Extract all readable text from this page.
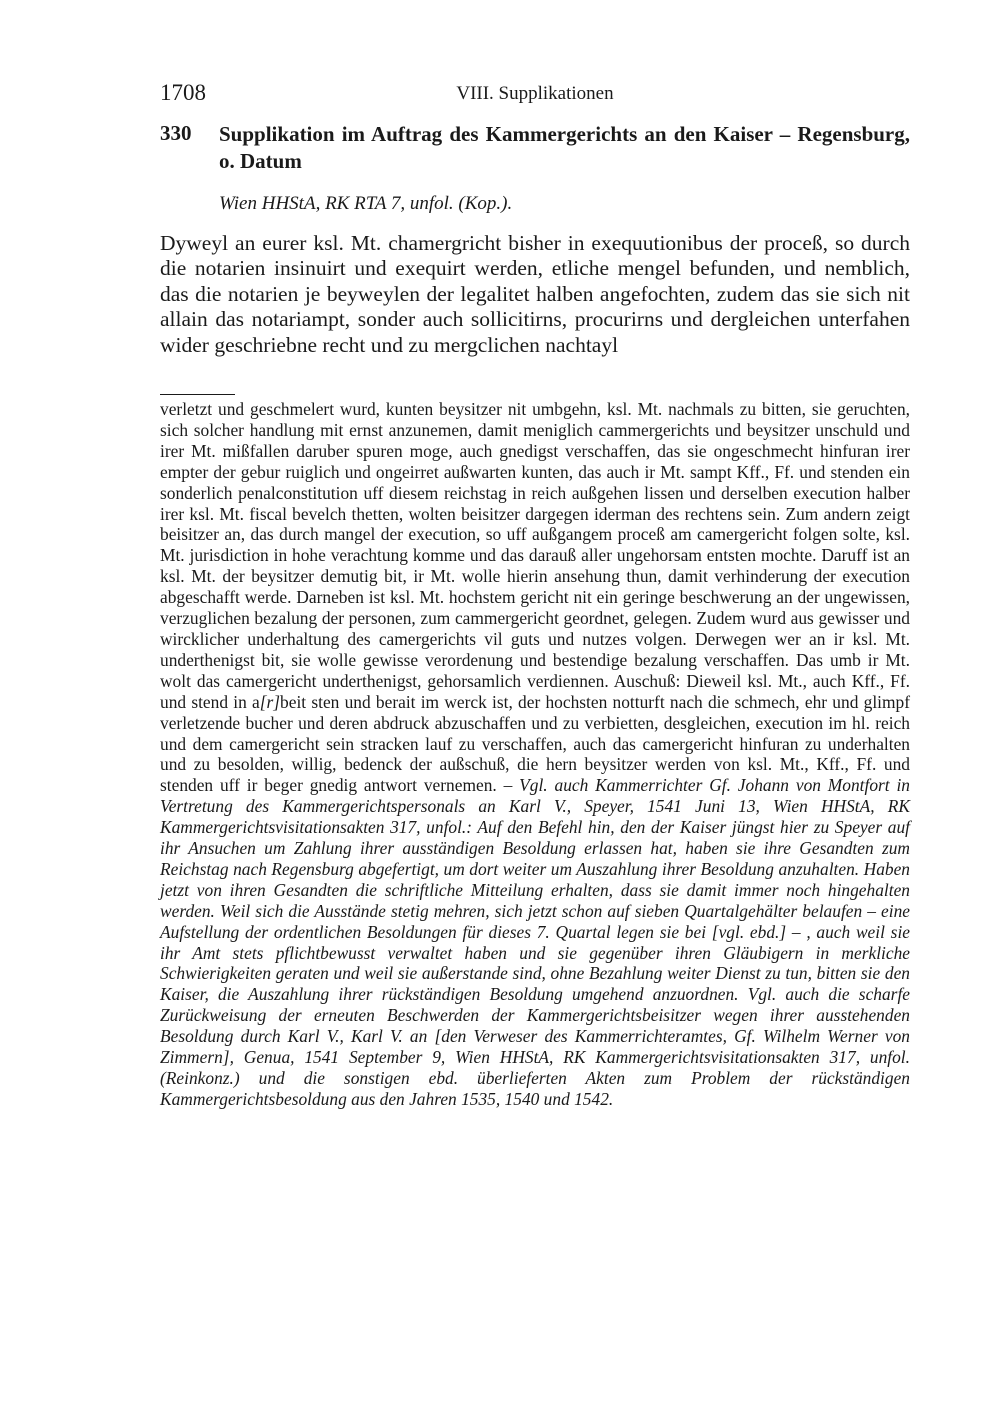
1708	VIII. Supplikationen
330 Supplikation im Auftrag des Kammergerichts an den Kaiser – Regensburg, o. Datum
Wien HHStA, RK RTA 7, unfol. (Kop.).

Dyweyl an eurer ksl. Mt. chamergricht bisher in exequutionibus der proceß, so durch die notarien insinuirt und exequirt werden, etliche mengel befunden, und nemblich, das die notarien je beyweylen der legalitet halben angefochten, zudem das sie sich nit allain das notariampt, sonder auch sollicitirns, procurirns und dergleichen unterfahen wider geschriebne recht und zu mergclichen nachtayl

verletzt und geschmelert wurd, kunten beysitzer nit umbgehn, ksl. Mt. nachmals zu bitten, sie geruchten, sich solcher handlung mit ernst anzunemen, damit meniglich cammergerichts und beysitzer unschuld und irer Mt. mißfallen daruber spuren moge, auch gnedigst verschaffen, das sie ongeschmecht hinfuran irer empter der gebur ruiglich und ongeirret außwarten kunten, das auch ir Mt. sampt Kff., Ff. und stenden ein sonderlich penalconstitution uff diesem reichstag in reich außgehen lissen und derselben execution halber irer ksl. Mt. fiscal bevelch thetten, wolten beisitzer dargegen iderman des rechtens sein. Zum andern zeigt beisitzer an, das durch mangel der execution, so uff außgangem proceß am camergericht folgen solte, ksl. Mt. jurisdiction in hohe verachtung komme und das darauß aller ungehorsam entsten mochte. Daruff ist an ksl. Mt. der beysitzer demutig bit, ir Mt. wolle hierin ansehung thun, damit verhinderung der execution abgeschafft werde. Darneben ist ksl. Mt. hochstem gericht nit ein geringe beschwerung an der ungewissen, verzuglichen bezalung der personen, zum cammergericht geordnet, gelegen. Zudem wurd aus gewisser und wircklicher underhaltung des camergerichts vil guts und nutzes volgen. Derwegen wer an ir ksl. Mt. underthenigst bit, sie wolle gewisse verordenung und bestendige bezalung verschaffen. Das umb ir Mt. wolt das camergericht underthenigst, gehorsamlich verdiennen. Auschuß: Dieweil ksl. Mt., auch Kff., Ff. und stend in a[r]beit sten und berait im werck ist, der hochsten notturft nach die schmech, ehr und glimpf verletzende bucher und deren abdruck abzuschaffen und zu verbietten, desgleichen, execution im hl. reich und dem camergericht sein stracken lauf zu verschaffen, auch das camergericht hinfuran zu underhalten und zu besolden, willig, bedenck der außschuß, die hern beysitzer werden von ksl. Mt., Kff., Ff. und stenden uff ir beger gnedig antwort vernemen. – Vgl. auch Kammerrichter Gf. Johann von Montfort in Vertretung des Kammergerichtspersonals an Karl V., Speyer, 1541 Juni 13, Wien HHStA, RK Kammergerichtsvisitationsakten 317, unfol.: Auf den Befehl hin, den der Kaiser jüngst hier zu Speyer auf ihr Ansuchen um Zahlung ihrer ausständigen Besoldung erlassen hat, haben sie ihre Gesandten zum Reichstag nach Regensburg abgefertigt, um dort weiter um Auszahlung ihrer Besoldung anzuhalten. Haben jetzt von ihren Gesandten die schriftliche Mitteilung erhalten, dass sie damit immer noch hingehalten werden. Weil sich die Ausstände stetig mehren, sich jetzt schon auf sieben Quartalgehälter belaufen – eine Aufstellung der ordentlichen Besoldungen für dieses 7. Quartal legen sie bei [vgl. ebd.] – , auch weil sie ihr Amt stets pflichtbewusst verwaltet haben und sie gegenüber ihren Gläubigern in merkliche Schwierigkeiten geraten und weil sie außerstande sind, ohne Bezahlung weiter Dienst zu tun, bitten sie den Kaiser, die Auszahlung ihrer rückständigen Besoldung umgehend anzuordnen. Vgl. auch die scharfe Zurückweisung der erneuten Beschwerden der Kammergerichtsbeisitzer wegen ihrer ausstehenden Besoldung durch Karl V., Karl V. an [den Verweser des Kammerrichteramtes, Gf. Wilhelm Werner von Zimmern], Genua, 1541 September 9, Wien HHStA, RK Kammergerichtsvisitationsakten 317, unfol. (Reinkonz.) und die sonstigen ebd. überlieferten Akten zum Problem der rückständigen Kammergerichtsbesoldung aus den Jahren 1535, 1540 und 1542.
